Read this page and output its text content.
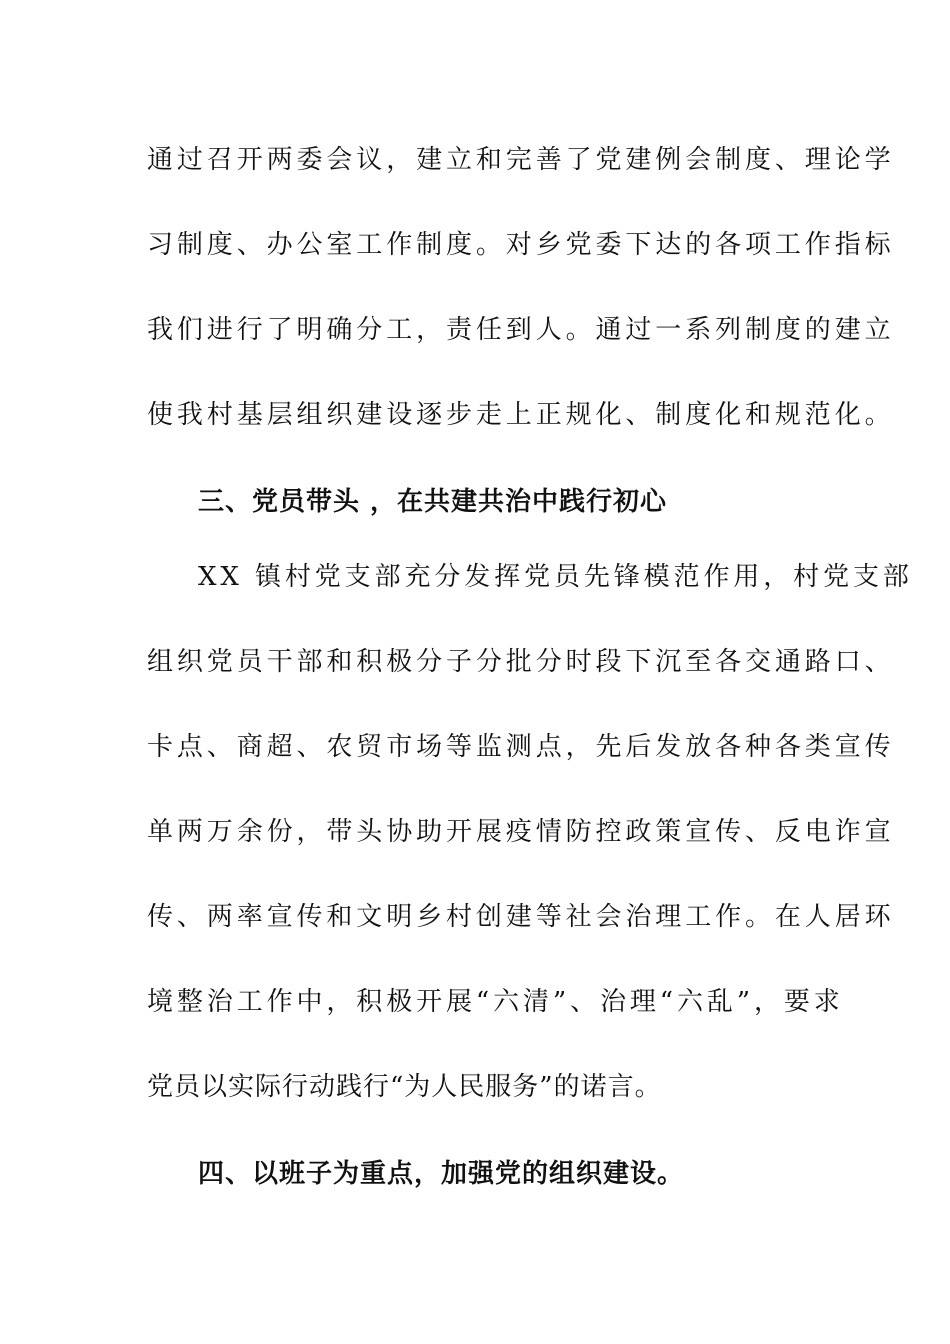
通过召开两委会议，建立和完善了党建例会制度、理论学
习制度、办公室工作制度。对乡党委下达的各项工作指标
我们进行了明确分工，责任到人。通过一系列制度的建立
使我村基层组织建设逐步走上正规化、制度化和规范化。
三、党员带头 ，在共建共治中践行初心
XX 镇村党支部充分发挥党员先锋模范作用，村党支部
组织党员干部和积极分子分批分时段下沉至各交通路口、
卡点、商超、农贸市场等监测点，先后发放各种各类宣传
单两万余份，带头协助开展疫情防控政策宣传、反电诈宣
传、两率宣传和文明乡村创建等社会治理工作。在人居环
境整治工作中，积极开展“六清”、治理“六乱”，要求
党员以实际行动践行“为人民服务”的诺言。
四、以班子为重点，加强党的组织建设。
